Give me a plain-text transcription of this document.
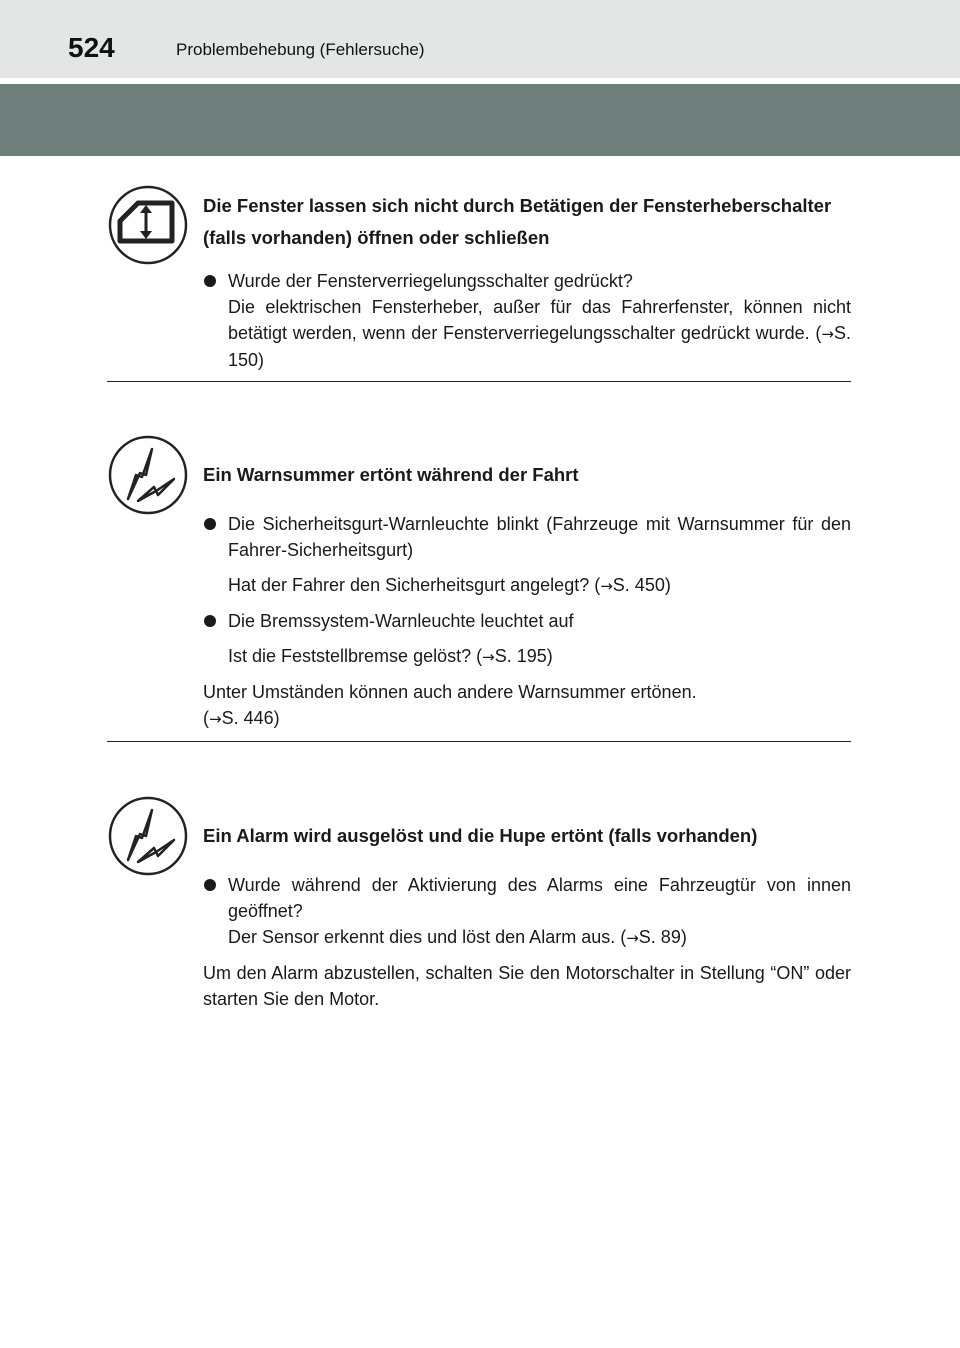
524	Problembehebung (Fehlersuche)

Die Fenster lassen sich nicht durch Betätigen der Fensterheberschalter (falls vorhanden) öffnen oder schließen

Wurde der Fensterverriegelungsschalter gedrückt?

Die elektrischen Fensterheber, außer für das Fahrerfenster, können nicht betätigt werden, wenn der Fensterverriegelungsschalter gedrückt wurde. (→S. 150)

Ein Warnsummer ertönt während der Fahrt

Die Sicherheitsgurt-Warnleuchte blinkt (Fahrzeuge mit Warnsummer für den Fahrer-Sicherheitsgurt)

Hat der Fahrer den Sicherheitsgurt angelegt? (→S. 450)

Die Bremssystem-Warnleuchte leuchtet auf

Ist die Feststellbremse gelöst? (→S. 195)

Unter Umständen können auch andere Warnsummer ertönen.
(→S. 446)

Ein Alarm wird ausgelöst und die Hupe ertönt (falls vorhanden)

Wurde während der Aktivierung des Alarms eine Fahrzeugtür von innen geöffnet?

Der Sensor erkennt dies und löst den Alarm aus. (→S. 89)

Um den Alarm abzustellen, schalten Sie den Motorschalter in Stellung “ON” oder starten Sie den Motor.
